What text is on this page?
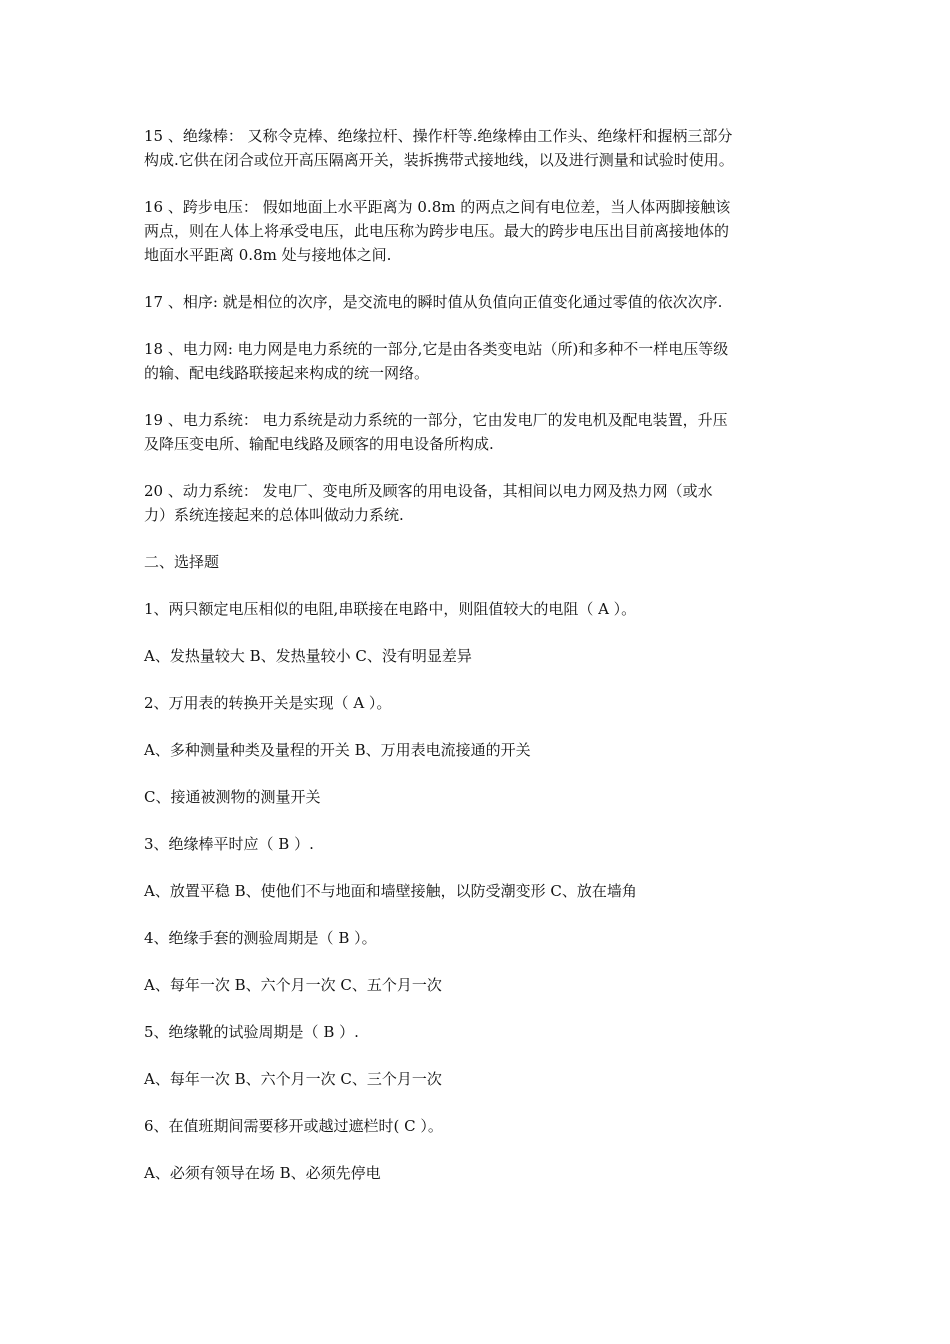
15 、绝缘棒： 又称令克棒、绝缘拉杆、操作杆等.绝缘棒由工作头、绝缘杆和握柄三部分
构成.它供在闭合或位开高压隔离开关，装拆携带式接地线，以及进行测量和试验时使用。
16 、跨步电压： 假如地面上水平距离为 0.8m 的两点之间有电位差，当人体两脚接触该
两点，则在人体上将承受电压，此电压称为跨步电压。最大的跨步电压出目前离接地体的
地面水平距离 0.8m 处与接地体之间.
17 、相序: 就是相位的次序，是交流电的瞬时值从负值向正值变化通过零值的依次次序.
18 、电力网: 电力网是电力系统的一部分,它是由各类变电站（所)和多种不一样电压等级
的输、配电线路联接起来构成的统一网络。
19 、电力系统： 电力系统是动力系统的一部分，它由发电厂的发电机及配电装置，升压
及降压变电所、输配电线路及顾客的用电设备所构成.
20 、动力系统： 发电厂、变电所及顾客的用电设备，其相间以电力网及热力网（或水
力）系统连接起来的总体叫做动力系统.

二、选择题

1、两只额定电压相似的电阻,串联接在电路中，则阻值较大的电阻（ A ）。

A、发热量较大 B、发热量较小 C、没有明显差异

2、万用表的转换开关是实现（ A ）。

A、多种测量种类及量程的开关 B、万用表电流接通的开关

C、接通被测物的测量开关

3、绝缘棒平时应（ B ）.

A、放置平稳 B、使他们不与地面和墙壁接触，以防受潮变形 C、放在墙角

4、绝缘手套的测验周期是（ B ）。

A、每年一次 B、六个月一次 C、五个月一次

5、绝缘靴的试验周期是（ B ）.

A、每年一次 B、六个月一次 C、三个月一次

6、在值班期间需要移开或越过遮栏时( C ）。

A、必须有领导在场 B、必须先停电
